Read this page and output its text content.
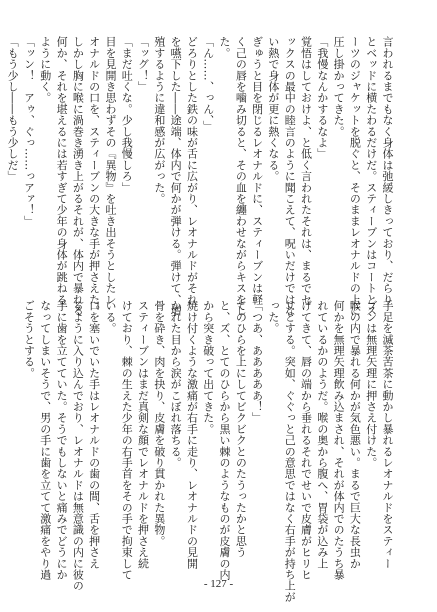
言われるまでもなく身体は弛緩しきっており、だらり
とベッドに横たわるだけだ。スティーブンはコートとス
ーツのジャケットを脱ぐと、そのままレオナルドの上に
圧し掛かってきた。
「我慢なんかするなよ」
覚悟はしておけよ、と低く言われたそれは、まるでセ
ックスの最中の睦言のように聞こえて、呪いだけではな
い熱で身体が更に熱くなる。
ぎゅうと目を閉じるレオナルドに、スティーブンは軽
く己の唇を噛み切ると、その血を纏わせながらキスをし
た。
「ん……、っん、」
どろりとした鉄の味が舌に広がり、レオナルドがそれ
を嚥下した――途端、体内で何かが弾ける。弾けて、増
殖するように違和感が広がった。
「ッグ！」
「まだ吐くな。少し我慢しろ」
目を見開き思わずその『異物』を吐き出そうとしたレ
オナルドの口を、スティーブンの大きな手が押さえた。
しかし胸に喉に渦巻き湧き上がるそれが、体内で暴れる
何か、それを堪えるには若すぎて少年の身体が跳ねる
ように動く。
「ッン！　アゥ、ぐっ……っアァ！」
「もう少し――もう少しだ」
手足を滅茶苦茶に動かし暴れるレオナルドをスティー
ブンは無理矢理に押さえ付けた。
喉の内で暴れる何かが気色悪い。まるで巨大な長虫か
何かを無理矢理飲み込まされ、それが体内でのたうち暴
れているかのようだ。喉の奥から腹へ、胃袋が込み上
げてきて、唇の端から垂れるそれでせいで皮膚がヒリヒ
リとする。突如、ぐぐっと己の意思ではなく右手が持ち上が
った。
「つあ、あああああ！」
てのひらを上にしてビクビクとのたうったかと思う
と、ズ、とてのひらから黒い棘のようなものが皮膚の内
から突き破って出てきた。
焼け付くような激痛が右手に走り、レオナルドの見開
かれた目から涙がこぼれ落ちる。
骨を砕き、肉を抉り、皮膚を破り貫かれた異物。
スティーブンはまだ真剣な顔でレオナルドを押さえ続
けており、棘の生えた少年の右手首をその手で拘束して
いる。
口を塞いでいた手はレオナルドの歯の間、舌を押さえ
るように入り込んでおり、レオナルドは無意識の内に彼の
手に歯を立てていた。そうでもしないと痛みでどうにか
なってしまいそうで、男の手に歯を立てて激痛をやり過
ごそうとする。
- 127 -
